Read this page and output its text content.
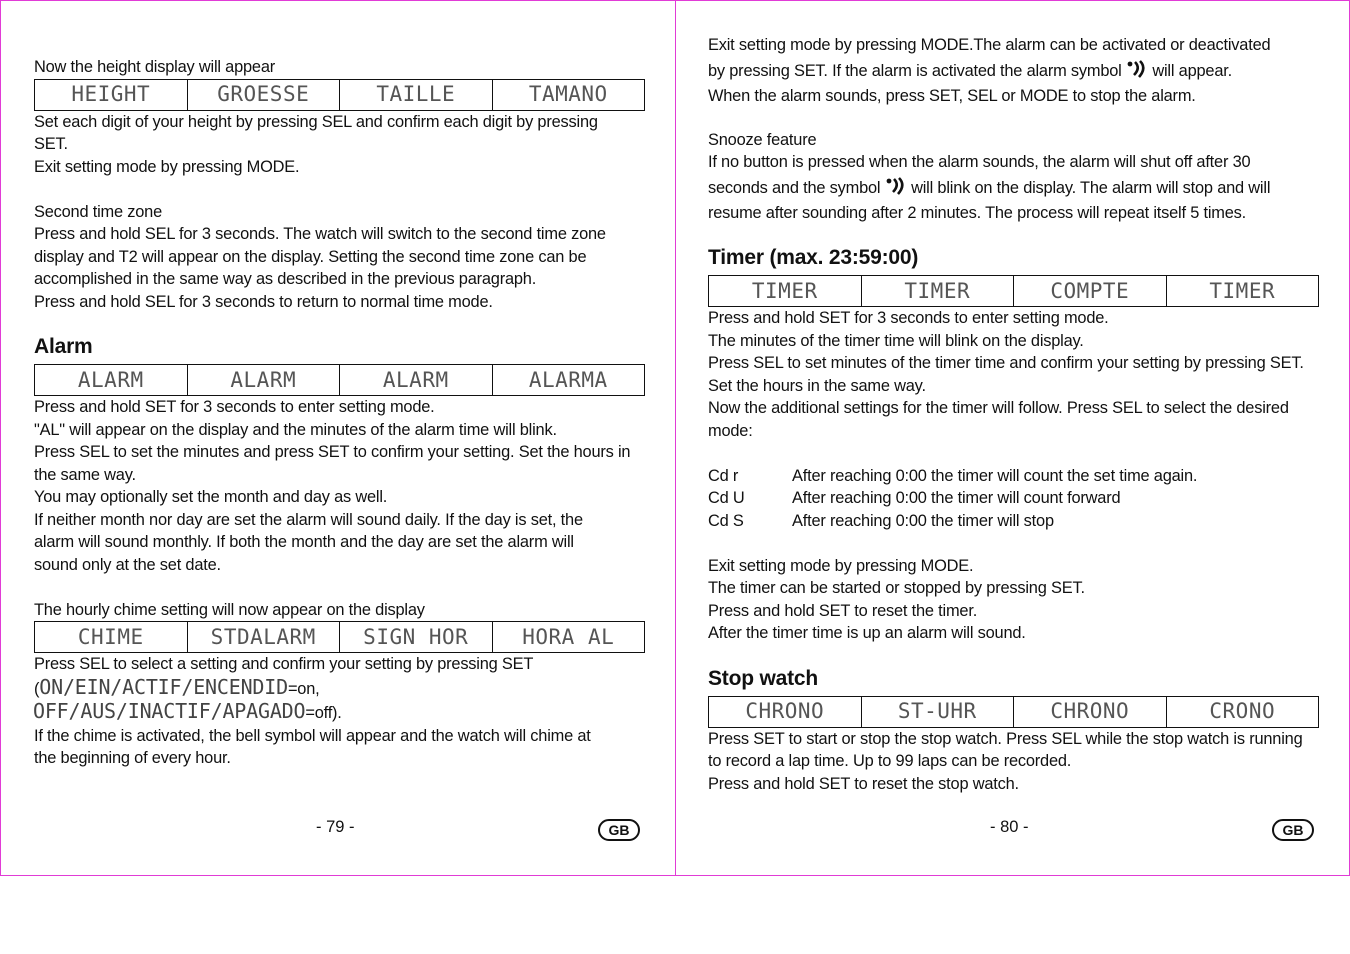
Now the height display will appear

HEIGHT	GROESSE	TAILLE	TAMANO

Set each digit of your height by pressing SEL and confirm each digit by pressing

SET.

Exit setting mode by pressing MODE.

Second time zone

Press and hold SEL for 3 seconds. The watch will switch to the second time zone

display and T2 will appear on the display. Setting the second time zone can be

accomplished in the same way as described in the previous paragraph.

Press and hold SEL for 3 seconds to return to normal time mode.

Alarm

ALARM	ALARM	ALARM	ALARMA

Press and hold SET for 3 seconds to enter setting mode.

"AL" will appear on the display and the minutes of the alarm time will blink.

Press SEL to set the minutes and press SET to confirm your setting. Set the hours in

the same way.

You may optionally set the month and day as well.

If neither month nor day are set the alarm will sound daily. If the day is set, the

alarm will sound monthly. If both the month and the day are set the alarm will

sound only at the set date.

The hourly chime setting will now appear on the display

CHIME	STDALARM	SIGN HOR	HORA AL

Press SEL to select a setting and confirm your setting by pressing SET

(ON/EIN/ACTIF/ENCENDID=on,

OFF/AUS/INACTIF/APAGADO=off).

If the chime is activated, the bell symbol will appear and the watch will chime at

the beginning of every hour.

- 79 -	GB

Exit setting mode by pressing MODE.The alarm can be activated or deactivated

by pressing SET. If the alarm is activated the alarm symbol will appear.

When the alarm sounds, press SET, SEL or MODE to stop the alarm.

Snooze feature

If no button is pressed when the alarm sounds, the alarm will shut off after 30

seconds and the symbol will blink on the display. The alarm will stop and will

resume after sounding after 2 minutes. The process will repeat itself 5 times.

Timer (max. 23:59:00)

TIMER	TIMER	COMPTE	TIMER

Press and hold SET for 3 seconds to enter setting mode.

The minutes of the timer time will blink on the display.

Press SEL to set minutes of the timer time and confirm your setting by pressing SET.

Set the hours in the same way.

Now the additional settings for the timer will follow. Press SEL to select the desired

mode:

Cd r	After reaching 0:00 the timer will count the set time again.
Cd U	After reaching 0:00 the timer will count forward
Cd S	After reaching 0:00 the timer will stop

Exit setting mode by pressing MODE.

The timer can be started or stopped by pressing SET.

Press and hold SET to reset the timer.

After the timer time is up an alarm will sound.

Stop watch

CHRONO	ST-UHR	CHRONO	CRONO

Press SET to start or stop the stop watch. Press SEL while the stop watch is running

to record a lap time. Up to 99 laps can be recorded.

Press and hold SET to reset the stop watch.

- 80 -	GB
